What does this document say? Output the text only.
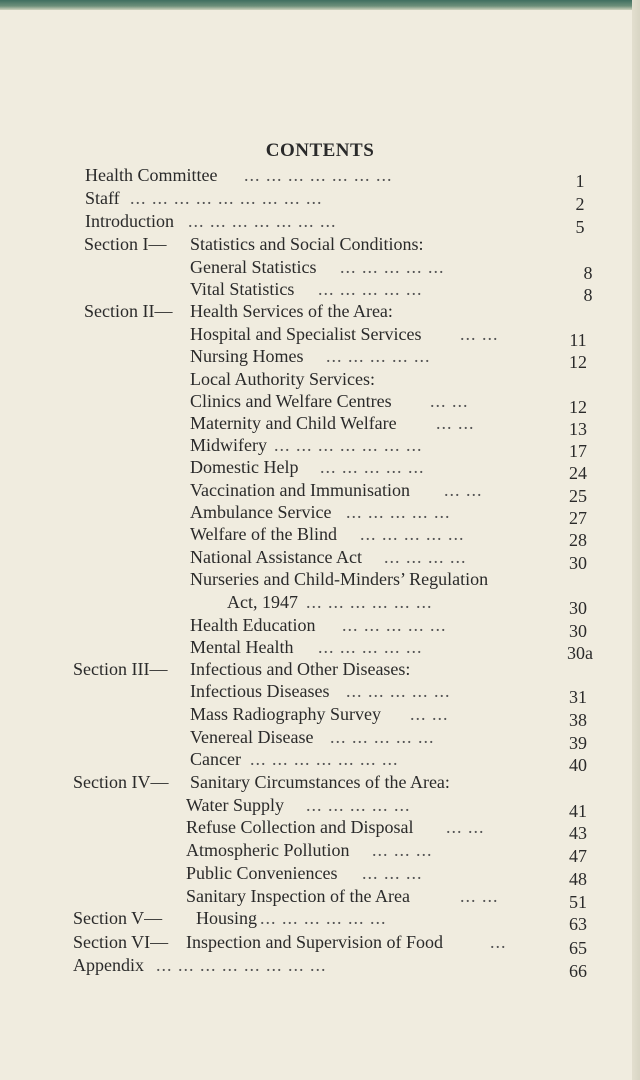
CONTENTS
Health Committee ... ... ... ... ... ... ...	1
Staff ... ... ... ... ... ... ... ... ...	2
Introduction ... ... ... ... ... ... ...	5
Section I— Statistics and Social Conditions:
General Statistics ... ... ... ... ...	8
Vital Statistics ... ... ... ... ...	8
Section II— Health Services of the Area:
Hospital and Specialist Services ... ...	11
Nursing Homes ... ... ... ... ...	12
Local Authority Services:
Clinics and Welfare Centres ... ...	12
Maternity and Child Welfare ... ...	13
Midwifery ... ... ... ... ... ... ...	17
Domestic Help ... ... ... ... ...	24
Vaccination and Immunisation ... ...	25
Ambulance Service ... ... ... ... ...	27
Welfare of the Blind ... ... ... ... ...	28
National Assistance Act ... ... ... ...	30
Nurseries and Child-Minders’ Regulation
Act, 1947 ... ... ... ... ... ...	30
Health Education ... ... ... ... ...	30
Mental Health ... ... ... ... ...	30a
Section III— Infectious and Other Diseases:
Infectious Diseases ... ... ... ... ...	31
Mass Radiography Survey ... ...	38
Venereal Disease ... ... ... ... ...	39
Cancer ... ... ... ... ... ... ...	40
Section IV— Sanitary Circumstances of the Area:
Water Supply ... ... ... ... ...	41
Refuse Collection and Disposal ... ...	43
Atmospheric Pollution ... ... ...	47
Public Conveniences ... ... ...	48
Sanitary Inspection of the Area	... ...	51
Section V— Housing ... ... ... ... ... ...	63
Section VI— Inspection and Supervision of Food	...	65
Appendix ... ... ... ... ... ... ... ...	66
